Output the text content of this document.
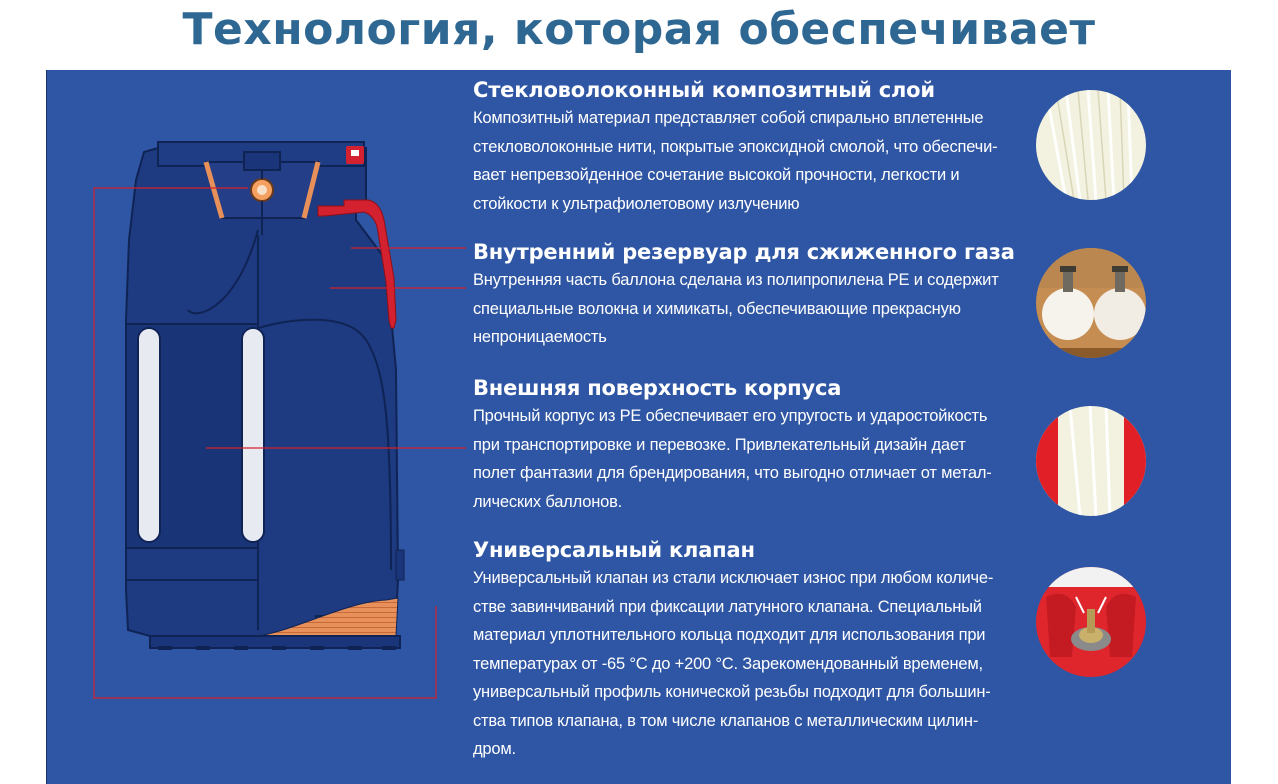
Технология, которая обеспечивает
Стекловолоконный композитный слой

Композитный материал представляет собой спирально вплетенные

стекловолоконные нити, покрытые эпоксидной смолой, что обеспечи-

вает непревзойденное сочетание высокой прочности, легкости и

стойкости к ультрафиолетовому излучению

Внутренний резервуар для сжиженного газа

Внутренняя часть баллона сделана из полипропилена PE и содержит

специальные волокна и химикаты, обеспечивающие прекрасную

непроницаемость

Внешняя поверхность корпуса

Прочный корпус из PE обеспечивает его упругость и ударостойкость

при транспортировке и перевозке. Привлекательный дизайн дает

полет фантазии для брендирования, что выгодно отличает от метал-

лических баллонов.

Универсальный клапан

Универсальный клапан из стали исключает износ при любом количе-

стве завинчиваний при фиксации латунного клапана. Специальный

материал уплотнительного кольца подходит для использования при

температурах от -65 °С до +200 °С. Зарекомендованный временем,

универсальный профиль конической резьбы подходит для большин-

ства типов клапана, в том числе клапанов с металлическим цилин-

дром.
